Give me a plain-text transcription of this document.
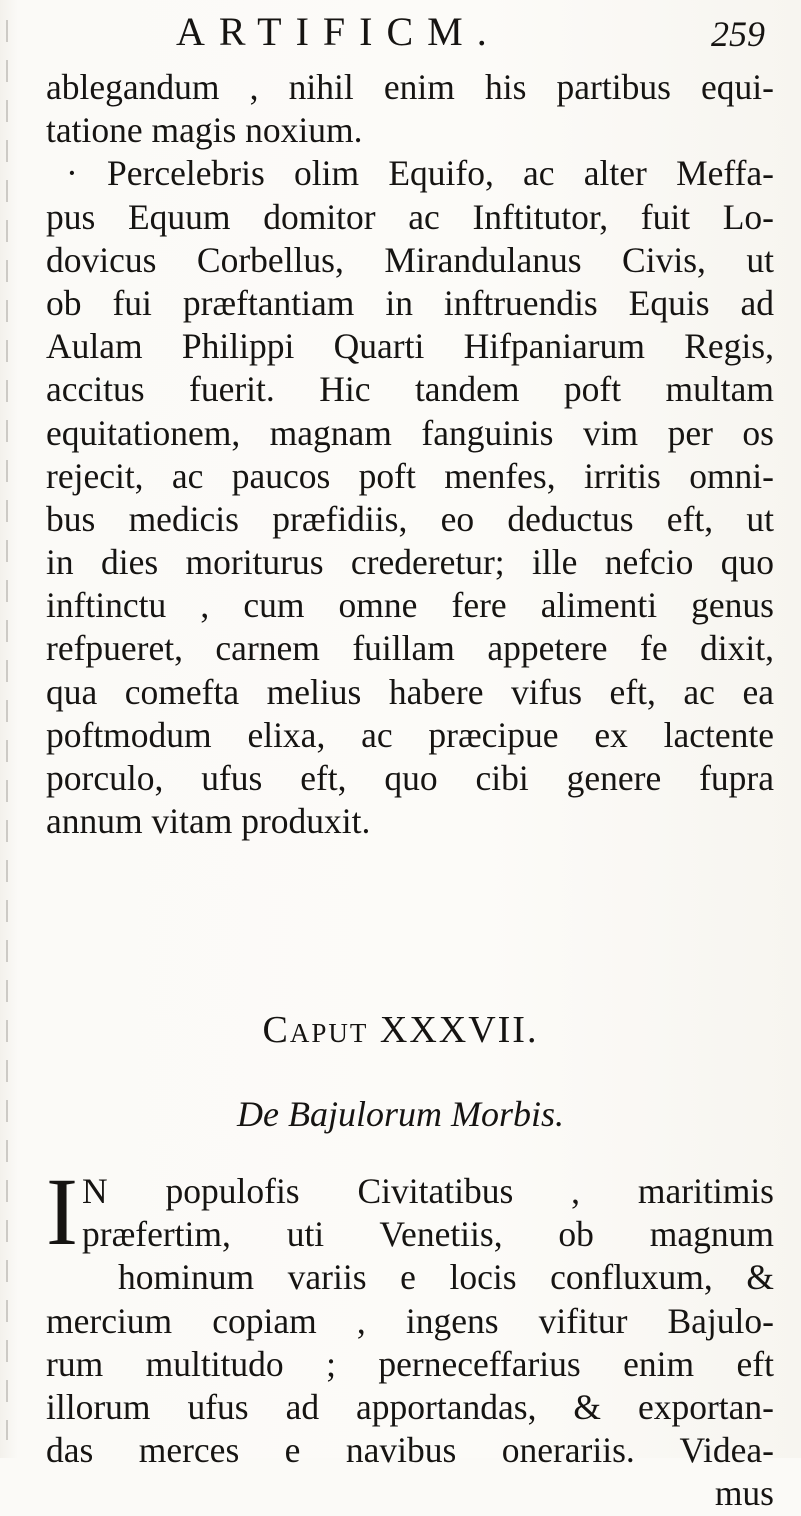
ARTIFICM.	259
ablegandum , nihil enim his partibus equi-
tatione magis noxium.
· Percelebris olim Equifo, ac alter Meffa-
pus Equum domitor ac Inftitutor, fuit Lo-
dovicus Corbellus, Mirandulanus Civis, ut
ob fui præftantiam in inftruendis Equis ad
Aulam Philippi Quarti Hifpaniarum Regis,
accitus fuerit. Hic tandem poft multam
equitationem, magnam fanguinis vim per os
rejecit, ac paucos poft menfes, irritis omni-
bus medicis præfidiis, eo deductus eft, ut
in dies moriturus crederetur; ille nefcio quo
inftinctu , cum omne fere alimenti genus
refpueret, carnem fuillam appetere fe dixit,
qua comefta melius habere vifus eft, ac ea
poftmodum elixa, ac præcipue ex lactente
porculo, ufus eft, quo cibi genere fupra
annum vitam produxit.
Caput XXXVII.
De Bajulorum Morbis.
I N populofis Civitatibus , maritimis
præfertim, uti Venetiis, ob magnum
hominum variis e locis confluxum, &
mercium copiam , ingens vifitur Bajulo-
rum multitudo ; perneceffarius enim eft
illorum ufus ad apportandas, & exportan-
das merces e navibus onerariis. Videa-
mus
